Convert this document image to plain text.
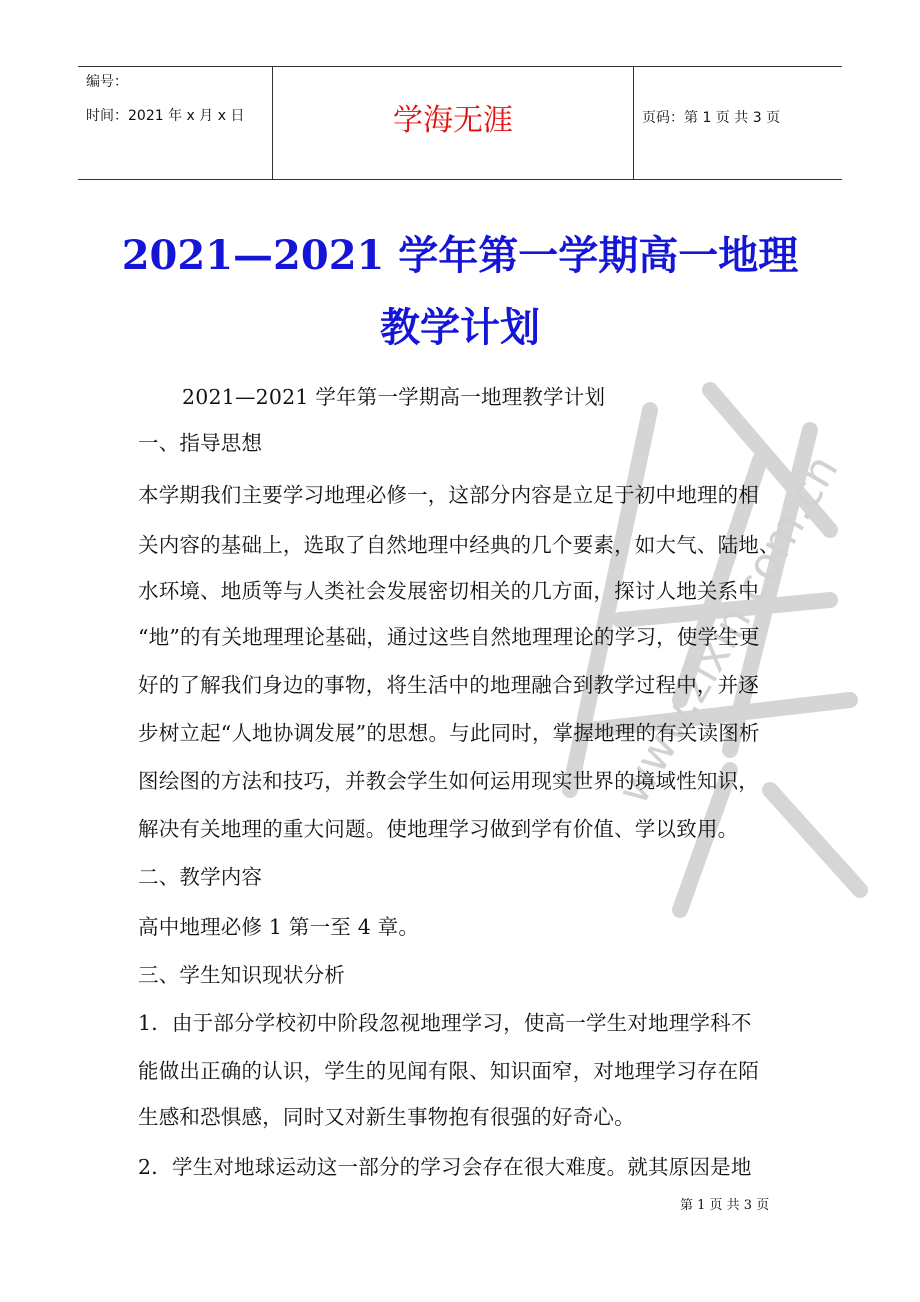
编号：
时间：2021 年 x 月 x 日	学海无涯	页码：第 1 页 共 3 页
www.zixin.com.cn
2021—2021 学年第一学期高一地理
教学计划
2021—2021 学年第一学期高一地理教学计划
一、指导思想
本学期我们主要学习地理必修一，这部分内容是立足于初中地理的相
关内容的基础上，选取了自然地理中经典的几个要素，如大气、陆地、
水环境、地质等与人类社会发展密切相关的几方面，探讨人地关系中
“地”的有关地理理论基础，通过这些自然地理理论的学习，使学生更
好的了解我们身边的事物，将生活中的地理融合到教学过程中，并逐
步树立起“人地协调发展”的思想。与此同时，掌握地理的有关读图析
图绘图的方法和技巧，并教会学生如何运用现实世界的境域性知识，
解决有关地理的重大问题。使地理学习做到学有价值、学以致用。
二、教学内容
高中地理必修 1 第一至 4 章。
三、学生知识现状分析
1．由于部分学校初中阶段忽视地理学习，使高一学生对地理学科不
能做出正确的认识，学生的见闻有限、知识面窄，对地理学习存在陌
生感和恐惧感，同时又对新生事物抱有很强的好奇心。
2．学生对地球运动这一部分的学习会存在很大难度。就其原因是地
第 1 页 共 3 页
